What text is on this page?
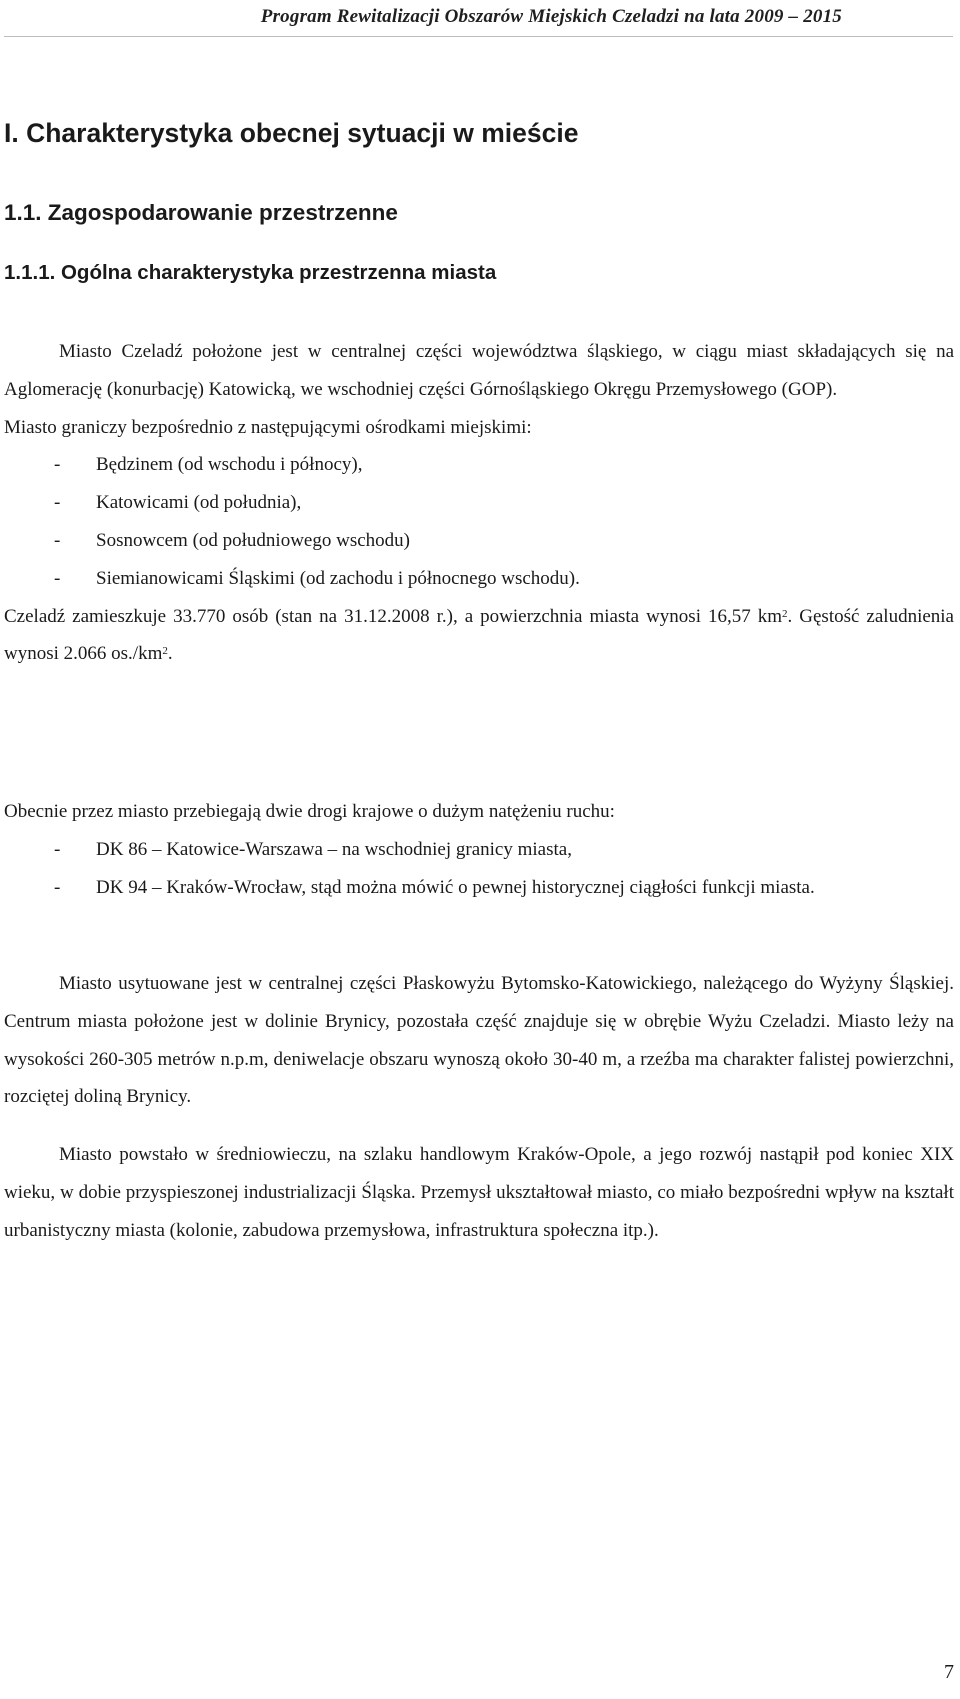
Program Rewitalizacji Obszarów Miejskich Czeladzi na lata 2009 – 2015
I. Charakterystyka obecnej sytuacji w mieście
1.1. Zagospodarowanie przestrzenne
1.1.1. Ogólna charakterystyka przestrzenna miasta

Miasto Czeladź położone jest w centralnej części województwa śląskiego, w ciągu miast składających się na Aglomerację (konurbację) Katowicką, we wschodniej części Górnośląskiego Okręgu Przemysłowego (GOP).

Miasto graniczy bezpośrednio z następującymi ośrodkami miejskimi:

- Będzinem (od wschodu i północy),
- Katowicami (od południa),
- Sosnowcem (od południowego wschodu)
- Siemianowicami Śląskimi (od zachodu i północnego wschodu).

Czeladź zamieszkuje 33.770 osób (stan na 31.12.2008 r.), a powierzchnia miasta wynosi 16,57 $km^2$. Gęstość zaludnienia wynosi 2.066 $os./km^2$.

Obecnie przez miasto przebiegają dwie drogi krajowe o dużym natężeniu ruchu:

- DK 86 – Katowice-Warszawa – na wschodniej granicy miasta,
- DK 94 – Kraków-Wrocław, stąd można mówić o pewnej historycznej ciągłości funkcji miasta.

Miasto usytuowane jest w centralnej części Płaskowyżu Bytomsko-Katowickiego, należącego do Wyżyny Śląskiej. Centrum miasta położone jest w dolinie Brynicy, pozostała część znajduje się w obrębie Wyżu Czeladzi. Miasto leży na wysokości 260-305 metrów n.p.m, deniwelacje obszaru wynoszą około 30-40 m, a rzeźba ma charakter falistej powierzchni, rozciętej doliną Brynicy.

Miasto powstało w średniowieczu, na szlaku handlowym Kraków-Opole, a jego rozwój nastąpił pod koniec XIX wieku, w dobie przyspieszonej industrializacji Śląska. Przemysł ukształtował miasto, co miało bezpośredni wpływ na kształt urbanistyczny miasta (kolonie, zabudowa przemysłowa, infrastruktura społeczna itp.).

7
